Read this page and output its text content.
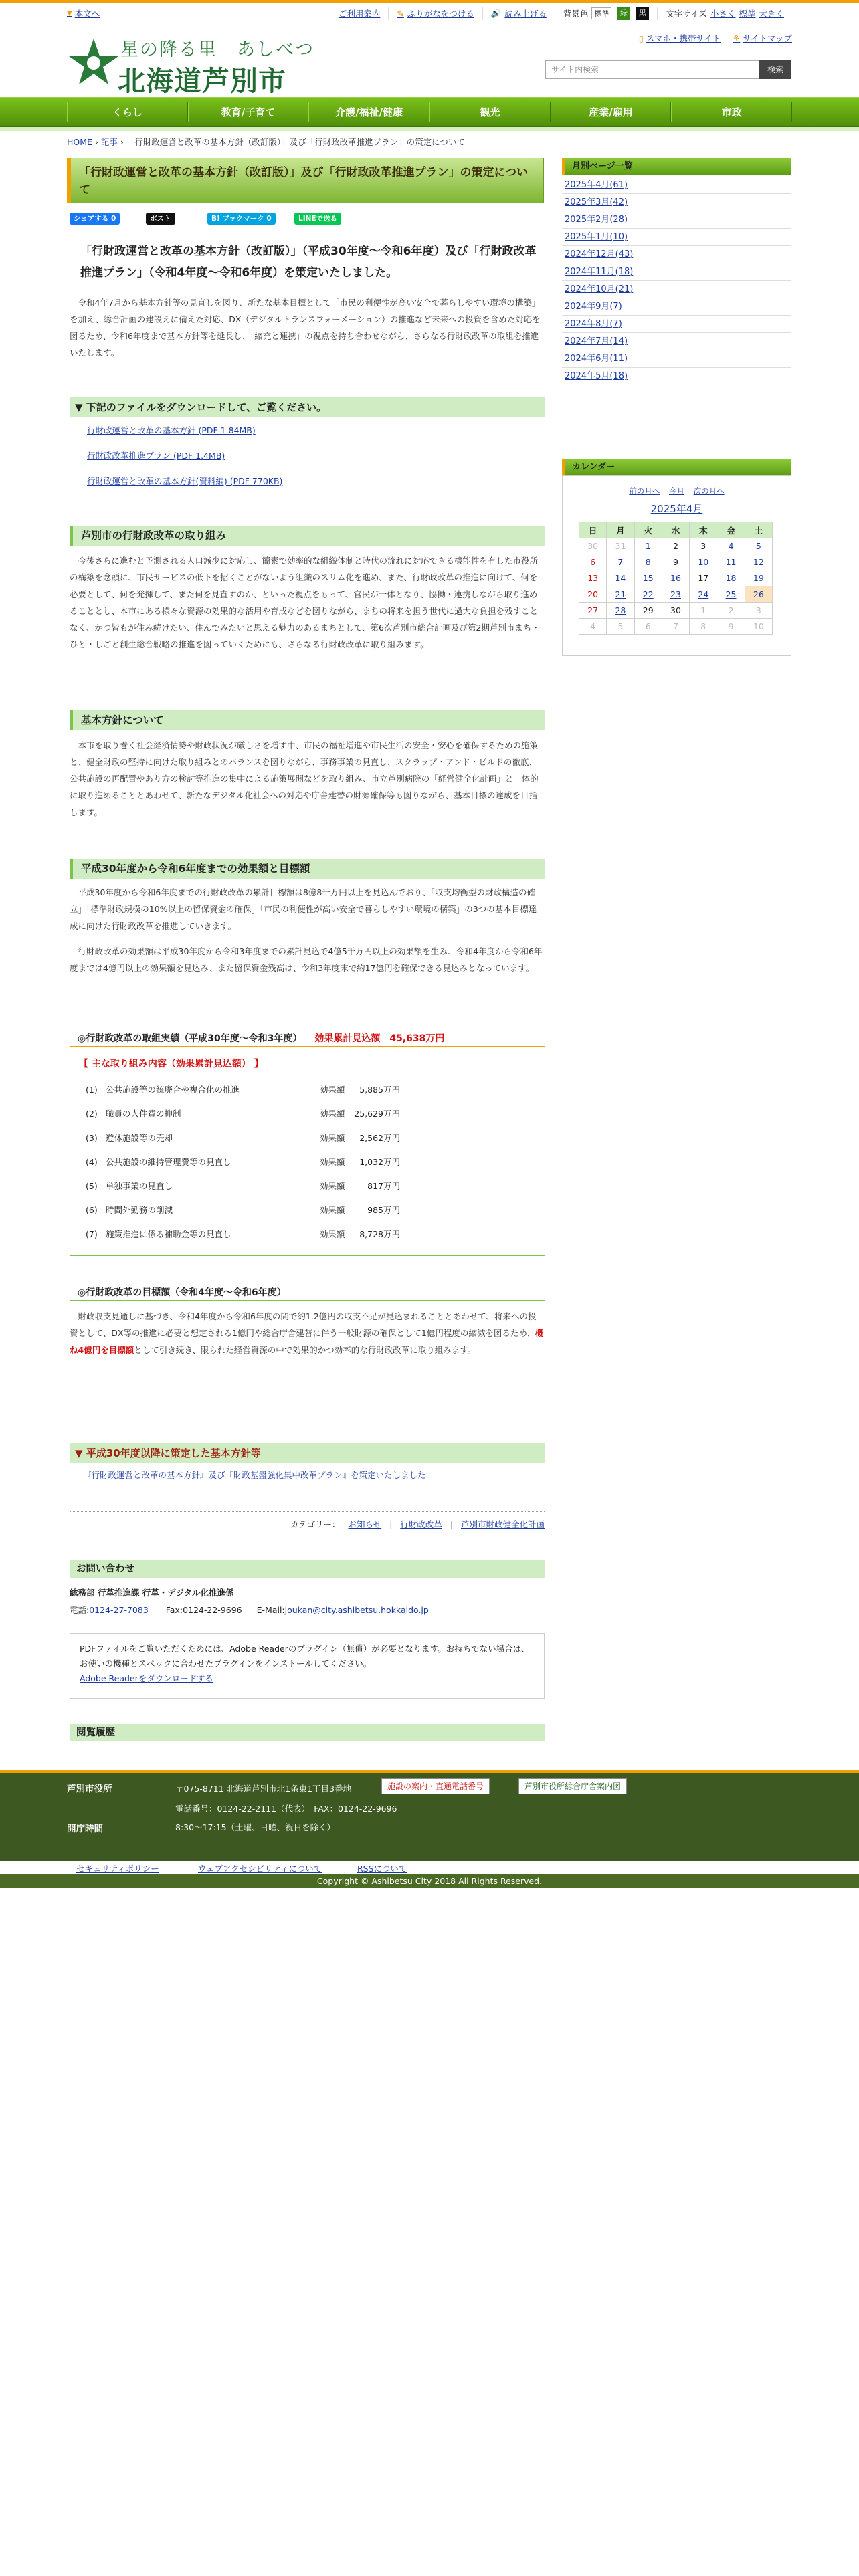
▼ 本文へ	ご利用案内 ✎ ふりがなをつける 🔊 読み上げる 背景色 標準	緑	黒	文字サイズ 小さく 標準 大きく
星の降る里　あしべつ
北海道芦別市
▯ スマホ・携帯サイト ⚘ サイトマップ
サイト内検索	検索
くらし	教育/子育て	介護/福祉/健康	観光	産業/雇用	市政
HOME › 記事 › 「行財政運営と改革の基本方針（改訂版）」及び「行財政改革推進プラン」の策定について
「行財政運営と改革の基本方針（改訂版）」及び「行財政改革推進プラン」の策定について
シェアする 0	ポスト	B! ブックマーク 0	LINEで送る
「行財政運営と改革の基本方針（改訂版）」（平成30年度～令和6年度）及び「行財政改革推進プラン」（令和4年度～令和6年度）を策定いたしました。
令和4年7月から基本方針等の見直しを図り、新たな基本目標として「市民の利便性が高い安全で暮らしやすい環境の構築」を加え、総合計画の建設えに備えた対応、DX（デジタルトランスフォーメーション）の推進など未来への投資を含めた対応を図るため、令和6年度まで基本方針等を延長し、「縮充と連携」の視点を持ち合わせながら、さらなる行財政改革の取組を推進いたします。
▼ 下記のファイルをダウンロードして、ご覧ください。
行財政運営と改革の基本方針 (PDF 1.84MB)
行財政改革推進プラン (PDF 1.4MB)
行財政運営と改革の基本方針(資料編) (PDF 770KB)
芦別市の行財政改革の取り組み
今後さらに進むと予測される人口減少に対応し、簡素で効率的な組織体制と時代の流れに対応できる機能性を有した市役所の構築を念頭に、市民サービスの低下を招くことがないよう組織のスリム化を進め、また、行財政改革の推進に向けて、何を必要として、何を発揮して、また何を見直すのか、といった視点をもって、官民が一体となり、協働・連携しながら取り進めることとし、本市にある様々な資源の効果的な活用や育成などを図りながら、まちの将来を担う世代に過大な負担を残すことなく、かつ皆もが住み続けたい、住んでみたいと思える魅力のあるまちとして、第6次芦別市総合計画及び第2期芦別市まち・ひと・しごと創生総合戦略の推進を図っていくためにも、さらなる行財政改革に取り組みます。
基本方針について
本市を取り巻く社会経済情勢や財政状況が厳しさを増す中、市民の福祉増進や市民生活の安全・安心を確保するための施策と、健全財政の堅持に向けた取り組みとのバランスを図りながら、事務事業の見直し、スクラップ・アンド・ビルドの徹底、公共施設の再配置やあり方の検討等推進の集中による施策展開などを取り組み、市立芦別病院の「経営健全化計画」と一体的に取り進めることとあわせて、新たなデジタル化社会への対応や庁舎建替の財源確保等も図りながら、基本目標の達成を目指します。
平成30年度から令和6年度までの効果額と目標額
平成30年度から令和6年度までの行財政改革の累計目標額は8億8千万円以上を見込んでおり、「収支均衡型の財政構造の確立」「標準財政規模の10%以上の留保資金の確保」「市民の利便性が高い安全で暮らしやすい環境の構築」の3つの基本目標達成に向けた行財政改革を推進していきます。
行財政改革の効果額は平成30年度から令和3年度までの累計見込で4億5千万円以上の効果額を生み、令和4年度から令和6年度までは4億円以上の効果額を見込み、また留保資金残高は、令和3年度末で約17億円を確保できる見込みとなっています。
◎行財政改革の取組実績（平成30年度～令和3年度） 効果累計見込額　 45,638万円
【 主な取り組み内容（効果累計見込額） 】
(1) 公共施設等の統廃合や複合化の推進	効果額	5,885万円
(2) 職員の人件費の抑制	効果額	25,629万円
(3) 遊休施設等の売却	効果額	2,562万円
(4) 公共施設の維持管理費等の見直し	効果額	1,032万円
(5) 単独事業の見直し	効果額	817万円
(6) 時間外勤務の削減	効果額	985万円
(7) 施策推進に係る補助金等の見直し	効果額	8,728万円
◎行財政改革の目標額（令和4年度～令和6年度）
財政収支見通しに基づき、令和4年度から令和6年度の間で約1.2億円の収支不足が見込まれることとあわせて、将来への投資として、DX等の推進に必要と想定される1億円や総合庁舎建替に伴う一般財源の確保として1億円程度の縮減を図るため、概ね4億円を目標額として引き続き、限られた経営資源の中で効果的かつ効率的な行財政改革に取り組みます。
▼ 平成30年度以降に策定した基本方針等
『行財政運営と改革の基本方針』及び『財政基盤強化集中改革プラン』を策定いたしました
カテゴリー： お知らせ | 行財政改革 | 芦別市財政健全化計画
お問い合わせ
総務部 行革推進課 行革・デジタル化推進係
電話:0124-27-7083 Fax:0124-22-9696 E-Mail:joukan@city.ashibetsu.hokkaido.jp
PDFファイルをご覧いただくためには、Adobe Readerのプラグイン（無償）が必要となります。お持ちでない場合は、お使いの機種とスペックに合わせたプラグインをインストールしてください。
Adobe Readerをダウンロードする
閲覧履歴
月別ページ一覧
2025年4月(61)
2025年3月(42)
2025年2月(28)
2025年1月(10)
2024年12月(43)
2024年11月(18)
2024年10月(21)
2024年9月(7)
2024年8月(7)
2024年7月(14)
2024年6月(11)
2024年5月(18)
カレンダー
前の月へ 今月 次の月へ
2025年4月
日	月	火	水	木	金	土
30	31	1	2	3	4	5
6	7	8	9	10	11	12
13	14	15	16	17	18	19
20	21	22	23	24	25	26
27	28	29	30	1	2	3
4	5	6	7	8	9	10
芦別市役所	〒075-8711 北海道芦別市北1条東1丁目3番地
電話番号：0124-22-2111（代表）　FAX：0124-22-9696
開庁時間	8:30～17:15（土曜、日曜、祝日を除く）
施設の案内・直通電話番号	芦別市役所総合庁舎案内図
セキュリティポリシー	ウェブアクセシビリティについて	RSSについて
Copyright © Ashibetsu City 2018 All Rights Reserved.
